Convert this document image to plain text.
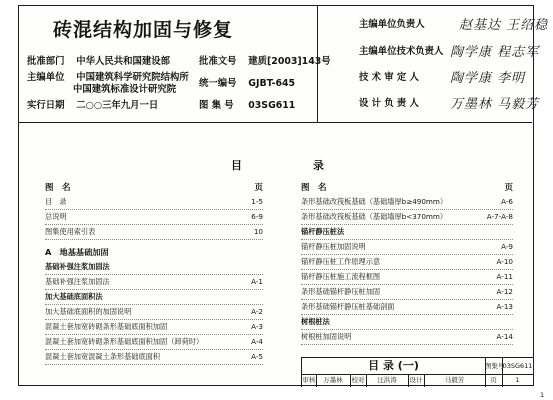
砖混结构加固与修复
批准部门 中华人民共和国建设部
主编单位 中国建筑科学研究院结构所
中国建筑标准设计研究院
实行日期 二○○三年九月一日
批准文号 建质[2003]143号
统一编号 GJBT-645
图 集 号 03SG611
主编单位负责人	赵基达 王绍稳
主编单位技术负责人 陶学康 程志军
技 术 审 定 人 陶学康 李明
设 计 负 责 人 万墨林 马毅芳
目	录
图　名	页
目　录	1-5
总说明	6-9
图集使用索引表	10
A　地基基础加固
基础补强注浆加固法
基础补强注浆加固法	A-1
加大基础底面积法
加大基础底面积的加固说明	A-2
混凝土套加宽砖砌条形基础底面积加固	A-3
混凝土套加宽砖砌条形基础底面积加固（卸荷时）	A-4
混凝土套加宽混凝土条形基础底面积	A-5
图　名	页
条形基础改筏板基础（基础墙厚b≥490mm）	A-6
条形基础改筏板基础（基础墙厚b<370mm）	A-7-A-8
锚杆静压桩法
锚杆静压桩加固说明	A-9
锚杆静压桩工作原理示意	A-10
锚杆静压桩施工流程框图	A-11
条形基础锚杆静压桩加固	A-12
条形基础锚杆静压桩基础剖面	A-13
树根桩法
树根桩加固说明	A-14
目 录 (一)	图集号
03SG611
审核	万墨林	校对	汪洪涛	设计	马毅芳	页	1
1
